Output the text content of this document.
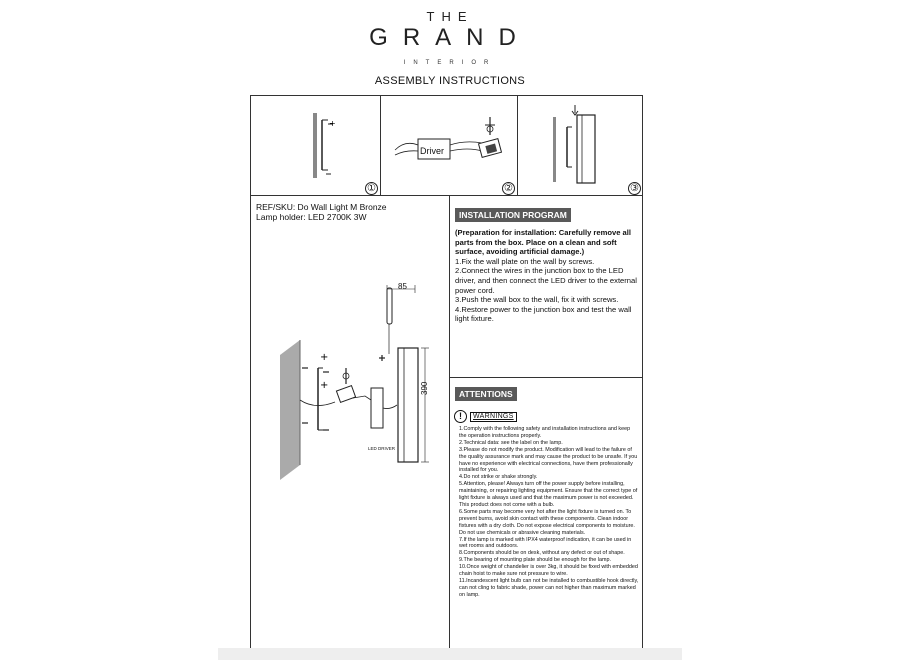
THE
GRAND
INTERIOR
ASSEMBLY INSTRUCTIONS
+
①
Driver
②	③
REF/SKU: Do Wall Light M Bronze
Lamp holder: LED 2700K 3W
+
+
85
390
LED DRIVER
INSTALLATION PROGRAM
(Preparation for installation: Carefully remove all parts from the box. Place on a clean and soft surface, avoiding artificial damage.)
1.Fix the wall plate on the wall by screws.
2.Connect the wires in the junction box to the LED driver, and then connect the LED driver to the external power cord.
3.Push the wall box to the wall, fix it with screws.
4.Restore power to the junction box and test the wall light fixture.
ATTENTIONS
!	WARNINGS
1.Comply with the following safety and installation instructions and keep the operation instructions properly.
2.Technical data: see the label on the lamp.
3.Please do not modify the product. Modification will lead to the failure of the quality assurance mark and may cause the product to be unsafe. If you have no experience with electrical connections, have them professionally installed for you.
4.Do not strike or shake strongly.
5.Attention, please! Always turn off the power supply before installing, maintaining, or repairing lighting equipment. Ensure that the correct type of light fixture is always used and that the maximum power is not exceeded. This product does not come with a bulb.
6.Some parts may become very hot after the light fixture is turned on. To prevent burns, avoid skin contact with these components. Clean indoor fixtures with a dry cloth. Do not expose electrical components to moisture. Do not use chemicals or abrasive cleaning materials.
7.If the lamp is marked with IPX4 waterproof indication, it can be used in wet rooms and outdoors.
8.Components should be on desk, without any defect or out of shape.
9.The bearing of mounting plate should be enough for the lamp.
10.Once weight of chandelier is over 3kg, it should be fixed with embedded chain hoist to make sure not pressure to wire.
11.Incandescent light bulb can not be installed to combustible hook directly, can not cling to fabric shade, power can not higher than maximum marked on lamp.
